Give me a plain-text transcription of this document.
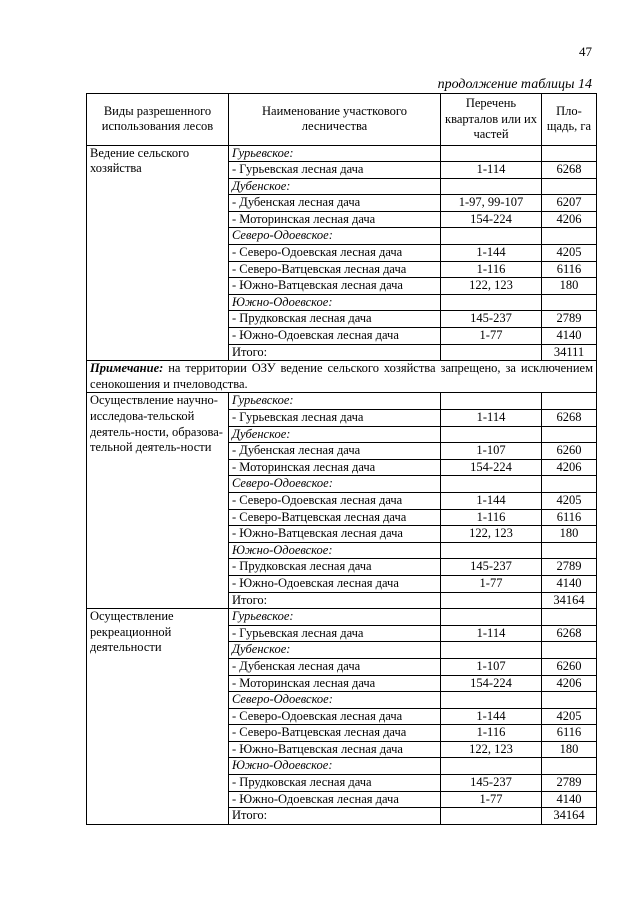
47
продолжение таблицы 14
Виды разрешенного использования лесов	Наименование участкового лесничества	Перечень кварталов или их частей	Пло-щадь, га
Ведение сельского хозяйства	Гурьевское:		
	- Гурьевская лесная дача	1-114	6268
	Дубенское:		
	- Дубенская лесная дача	1-97, 99-107	6207
	- Моторинская лесная дача	154-224	4206
	Северо-Одоевское:		
	- Северо-Одоевская лесная дача	1-144	4205
	- Северо-Ватцевская лесная дача	1-116	6116
	- Южно-Ватцевская лесная дача	122, 123	180
	Южно-Одоевское:		
	- Прудковская лесная дача	145-237	2789
	- Южно-Одоевская лесная дача	1-77	4140
	Итого:		34111
Примечание: на территории ОЗУ ведение сельского хозяйства запрещено, за исключением сенокошения и пчеловодства.			
Осуществление научно-исследова-тельской деятель-ности, образова-тельной деятель-ности	Гурьевское:		
	- Гурьевская лесная дача	1-114	6268
	Дубенское:		
	- Дубенская лесная дача	1-107	6260
	- Моторинская лесная дача	154-224	4206
	Северо-Одоевское:		
	- Северо-Одоевская лесная дача	1-144	4205
	- Северо-Ватцевская лесная дача	1-116	6116
	- Южно-Ватцевская лесная дача	122, 123	180
	Южно-Одоевское:		
	- Прудковская лесная дача	145-237	2789
	- Южно-Одоевская лесная дача	1-77	4140
	Итого:		34164
Осуществление рекреационной деятельности	Гурьевское:		
	- Гурьевская лесная дача	1-114	6268
	Дубенское:		
	- Дубенская лесная дача	1-107	6260
	- Моторинская лесная дача	154-224	4206
	Северо-Одоевское:		
	- Северо-Одоевская лесная дача	1-144	4205
	- Северо-Ватцевская лесная дача	1-116	6116
	- Южно-Ватцевская лесная дача	122, 123	180
	Южно-Одоевское:		
	- Прудковская лесная дача	145-237	2789
	- Южно-Одоевская лесная дача	1-77	4140
	Итого:		34164
